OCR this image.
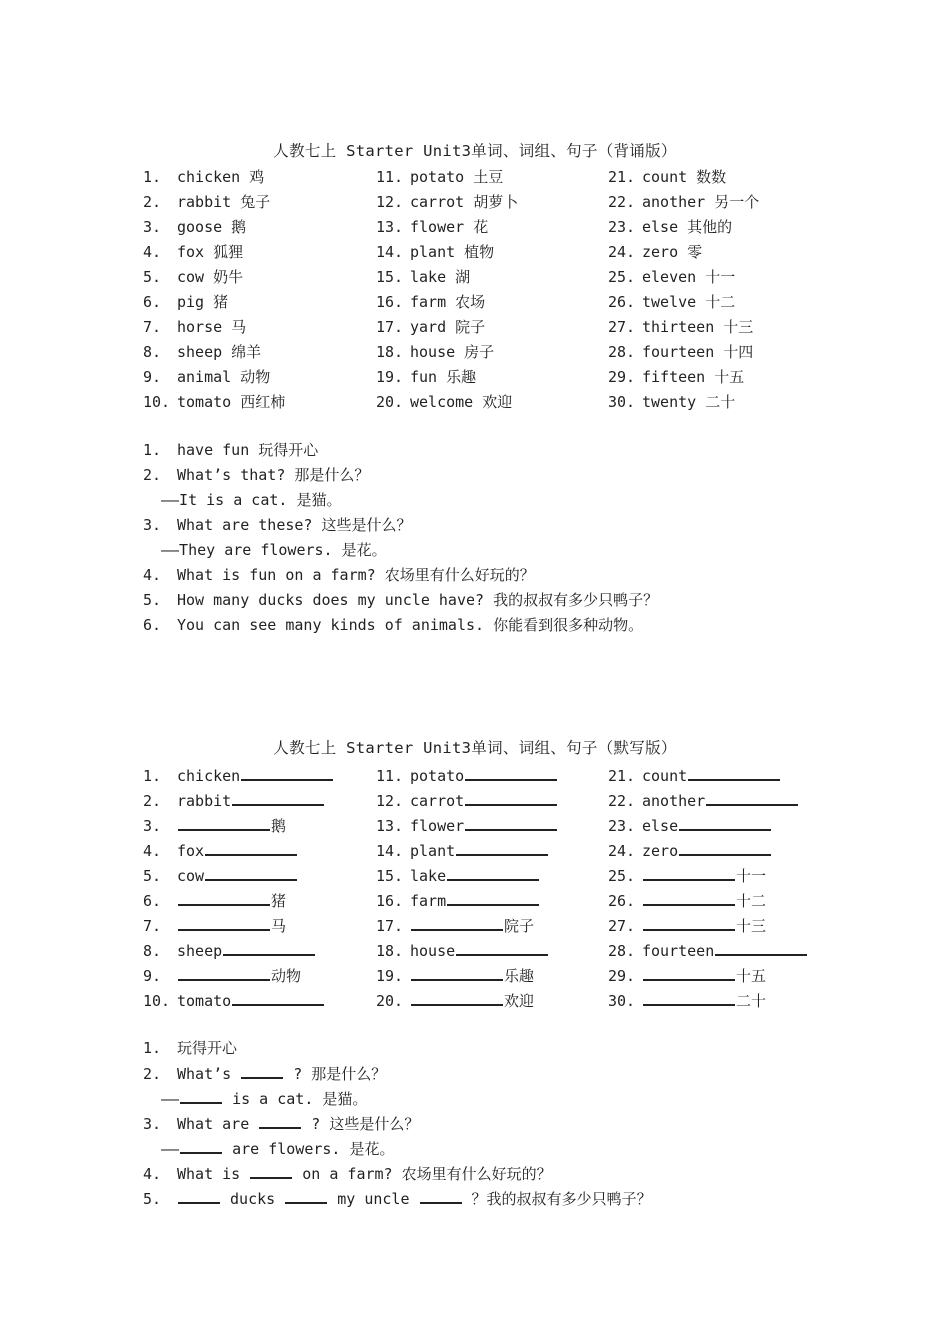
人教七上 Starter Unit3单词、词组、句子（背诵版）
1.	chicken 鸡
2.	rabbit 兔子
3.	goose 鹅
4.	fox 狐狸
5.	cow 奶牛
6.	pig 猪
7.	horse 马
8.	sheep 绵羊
9.	animal 动物
10. tomato 西红柿
11. potato 土豆
12. carrot 胡萝卜
13. flower 花
14. plant 植物
15. lake 湖
16. farm 农场
17. yard 院子
18. house 房子
19. fun 乐趣
20. welcome 欢迎
21. count 数数
22. another 另一个
23. else 其他的
24. zero 零
25. eleven 十一
26. twelve 十二
27. thirteen 十三
28. fourteen 十四
29. fifteen 十五
30. twenty 二十
1. have fun 玩得开心
2. What’s that? 那是什么？
——It is a cat. 是猫。
3. What are these? 这些是什么？
——They are flowers. 是花。
4. What is fun on a farm? 农场里有什么好玩的？
5. How many ducks does my uncle have? 我的叔叔有多少只鸭子？
6. You can see many kinds of animals. 你能看到很多种动物。
人教七上 Starter Unit3单词、词组、句子（默写版）
1.	chicken
2.	rabbit
3.	鹅
4.	fox
5.	cow
6.	猪
7.	马
8.	sheep
9.	动物
10. tomato
11. potato
12. carrot
13. flower
14. plant
15. lake
16. farm
17.	院子
18. house
19.	乐趣
20.	欢迎
21. count
22. another
23. else
24. zero
25.	十一
26.	十二
27.	十三
28. fourteen
29.	十五
30.	二十
1. 玩得开心
2. What’s	? 那是什么？
——	is a cat. 是猫。
3. What are	? 这些是什么？
——	are flowers. 是花。
4. What is	on a farm? 农场里有什么好玩的？
5.	ducks	my uncle	？我的叔叔有多少只鸭子？
